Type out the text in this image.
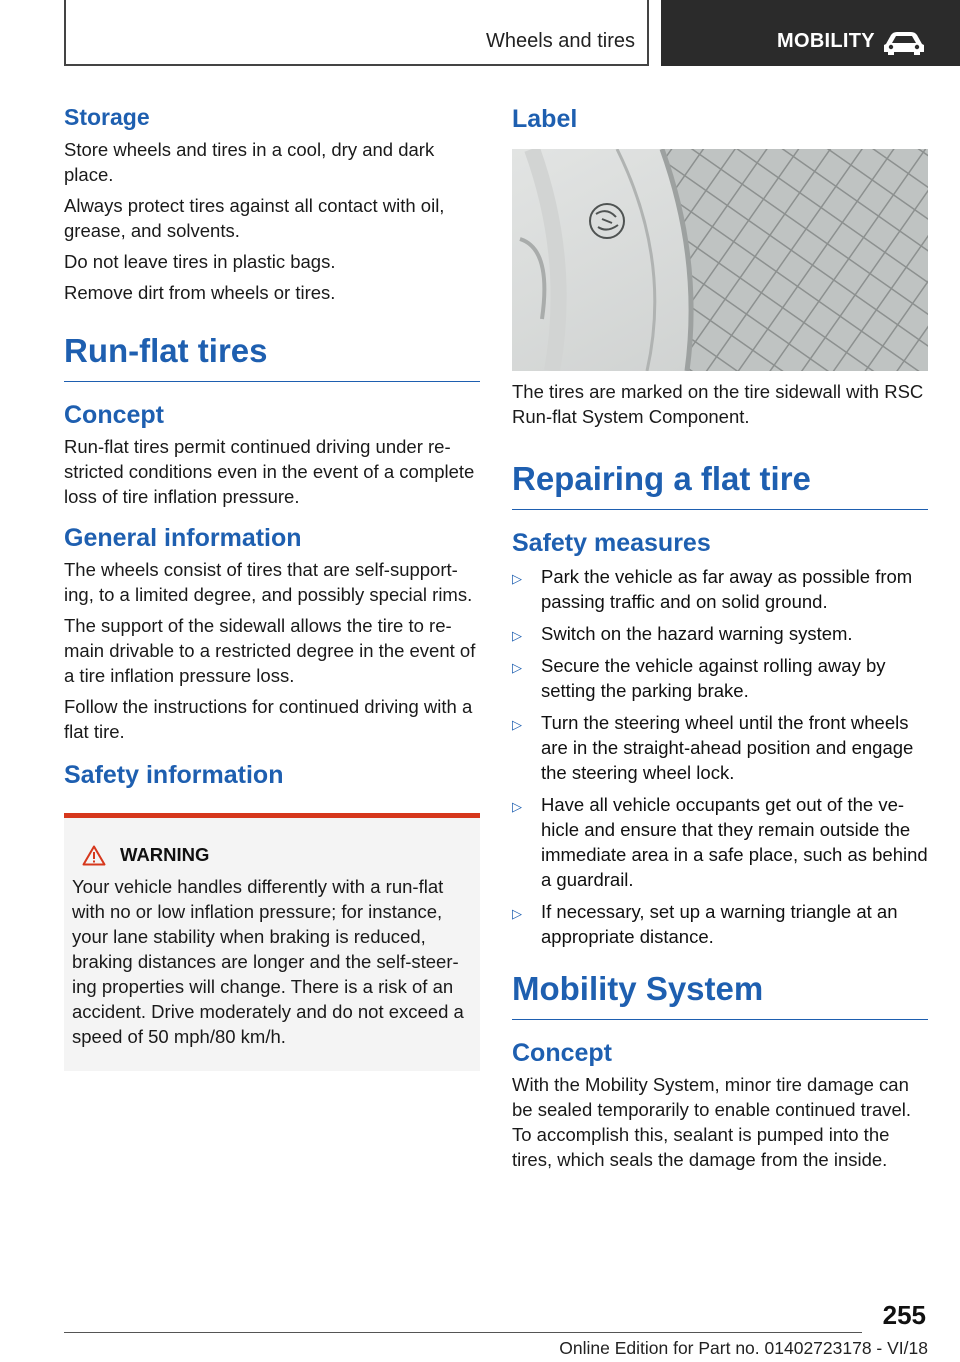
Wheels and tires	MOBILITY
Storage

Store wheels and tires in a cool, dry and dark place.

Always protect tires against all contact with oil, grease, and solvents.

Do not leave tires in plastic bags.

Remove dirt from wheels or tires.

Run-flat tires
Concept

Run-flat tires permit continued driving under restricted conditions even in the event of a complete loss of tire inflation pressure.

General information

The wheels consist of tires that are self-supporting, to a limited degree, and possibly special rims.

The support of the sidewall allows the tire to remain drivable to a restricted degree in the event of a tire inflation pressure loss.

Follow the instructions for continued driving with a flat tire.

Safety information
WARNING

Your vehicle handles differently with a run-flat with no or low inflation pressure; for instance, your lane stability when braking is reduced, braking distances are longer and the self-steering properties will change. There is a risk of an accident. Drive moderately and do not exceed a speed of 50 mph/80 km/h.

Label

The tires are marked on the tire sidewall with RSC Run-flat System Component.

Repairing a flat tire
Safety measures
▷ Park the vehicle as far away as possible from passing traffic and on solid ground.
▷ Switch on the hazard warning system.
▷ Secure the vehicle against rolling away by setting the parking brake.
▷ Turn the steering wheel until the front wheels are in the straight-ahead position and engage the steering wheel lock.
▷ Have all vehicle occupants get out of the vehicle and ensure that they remain outside the immediate area in a safe place, such as behind a guardrail.
▷ If necessary, set up a warning triangle at an appropriate distance.
Mobility System
Concept

With the Mobility System, minor tire damage can be sealed temporarily to enable continued travel. To accomplish this, sealant is pumped into the tires, which seals the damage from the inside.

255
Online Edition for Part no. 01402723178 - VI/18
